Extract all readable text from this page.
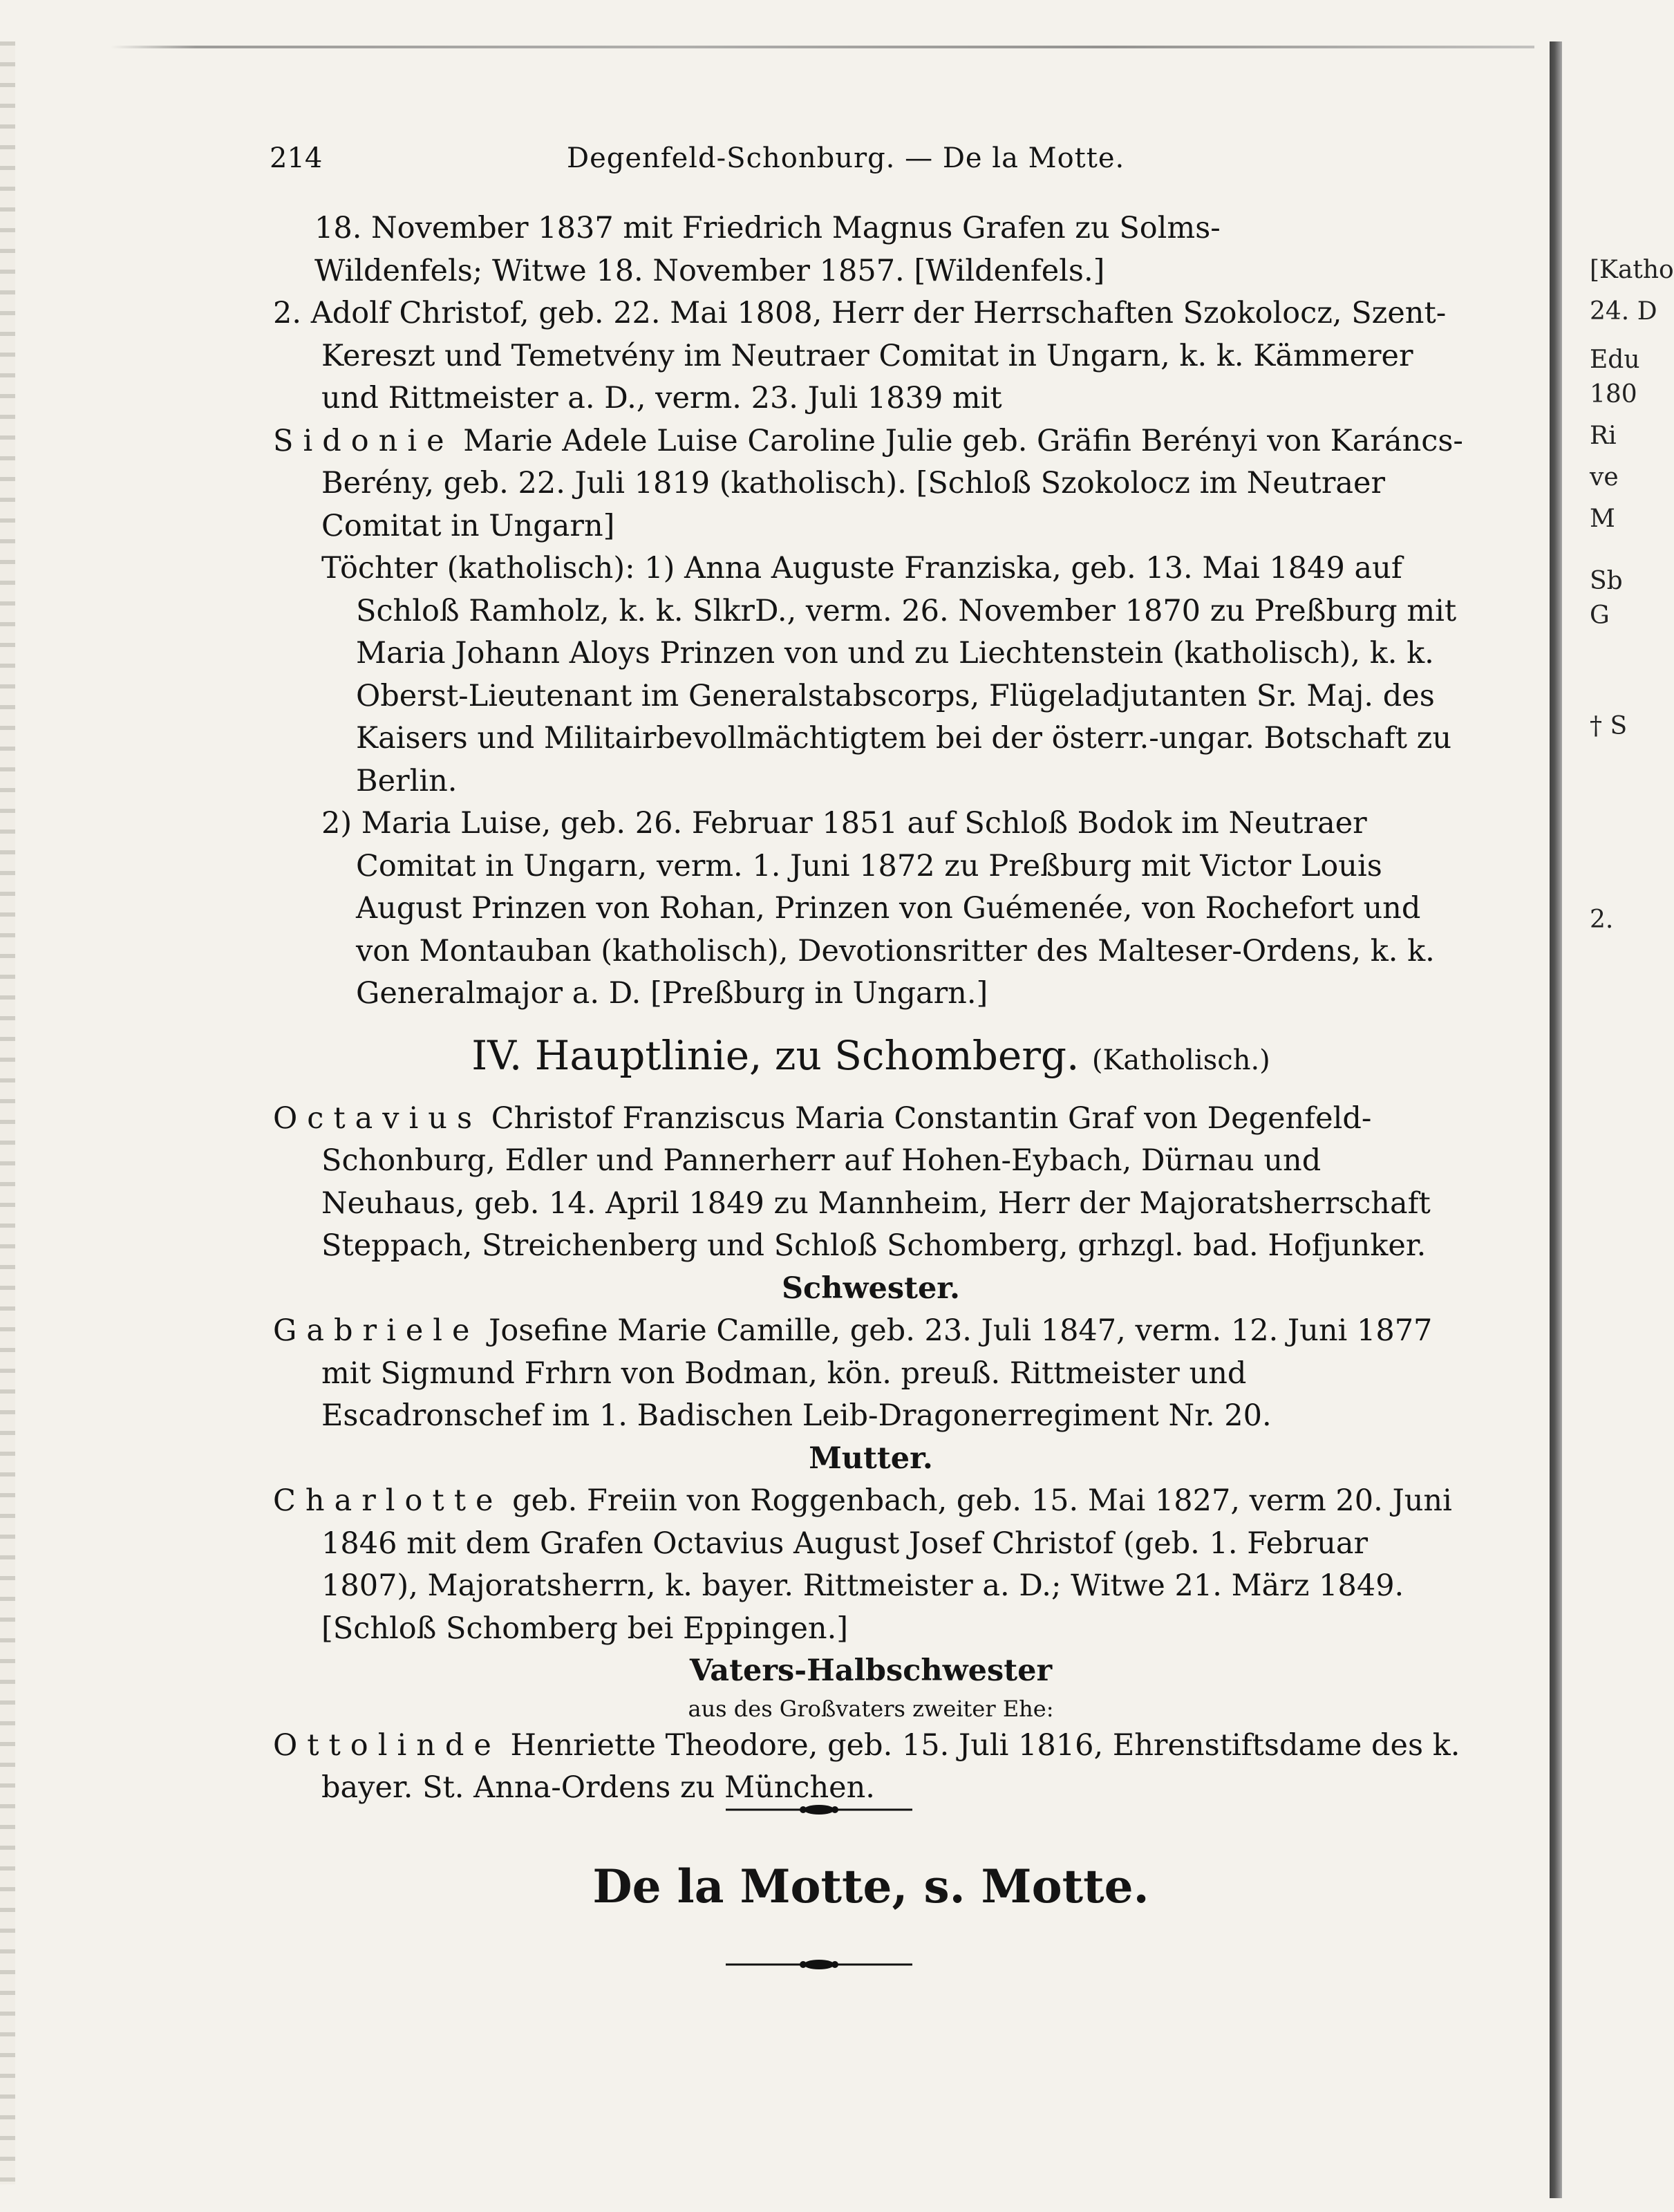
214	Degenfeld-Schonburg. — De la Motte.

18. November 1837 mit Friedrich Magnus Grafen zu Solms-

Wildenfels; Witwe 18. November 1857. [Wildenfels.]

2. Adolf Christof, geb. 22. Mai 1808, Herr der Herrschaften Szokolocz, Szent-Kereszt und Temetvény im Neutraer Comitat in Ungarn, k. k. Kämmerer und Rittmeister a. D., verm. 23. Juli 1839 mit

Sidonie Marie Adele Luise Caroline Julie geb. Gräfin Berényi von Karáncs-Berény, geb. 22. Juli 1819 (katholisch). [Schloß Szokolocz im Neutraer Comitat in Ungarn]

Töchter (katholisch): 1) Anna Auguste Franziska, geb. 13. Mai 1849 auf Schloß Ramholz, k. k. SlkrD., verm. 26. November 1870 zu Preßburg mit Maria Johann Aloys Prinzen von und zu Liechtenstein (katholisch), k. k. Oberst-Lieutenant im Generalstabscorps, Flügeladjutanten Sr. Maj. des Kaisers und Militairbevollmächtigtem bei der österr.-ungar. Botschaft zu Berlin.

2) Maria Luise, geb. 26. Februar 1851 auf Schloß Bodok im Neutraer Comitat in Ungarn, verm. 1. Juni 1872 zu Preßburg mit Victor Louis August Prinzen von Rohan, Prinzen von Guémenée, von Rochefort und von Montauban (katholisch), Devotionsritter des Malteser-Ordens, k. k. Generalmajor a. D. [Preßburg in Ungarn.]

IV. Hauptlinie, zu Schomberg. (Katholisch.)

Octavius Christof Franziscus Maria Constantin Graf von Degenfeld-Schonburg, Edler und Pannerherr auf Hohen-Eybach, Dürnau und Neuhaus, geb. 14. April 1849 zu Mannheim, Herr der Majoratsherrschaft Steppach, Streichenberg und Schloß Schomberg, grhzgl. bad. Hofjunker.

Schwester.

Gabriele Josefine Marie Camille, geb. 23. Juli 1847, verm. 12. Juni 1877 mit Sigmund Frhrn von Bodman, kön. preuß. Rittmeister und Escadronschef im 1. Badischen Leib-Dragonerregiment Nr. 20.

Mutter.

Charlotte geb. Freiin von Roggenbach, geb. 15. Mai 1827, verm 20. Juni 1846 mit dem Grafen Octavius August Josef Christof (geb. 1. Februar 1807), Majoratsherrn, k. bayer. Rittmeister a. D.; Witwe 21. März 1849. [Schloß Schomberg bei Eppingen.]

Vaters-Halbschwester

aus des Großvaters zweiter Ehe:

Ottolinde Henriette Theodore, geb. 15. Juli 1816, Ehrenstiftsdame des k. bayer. St. Anna-Ordens zu München.

De la Motte, s. Motte.
[Katho
24. D
Edu
180
Ri
ve
M
Sb
G
† S
2.
